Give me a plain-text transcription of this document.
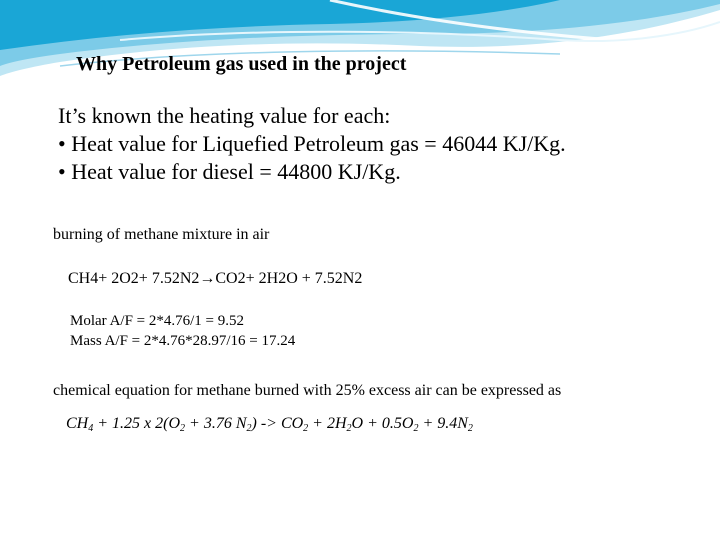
Why Petroleum gas used in the project
It’s known the heating value for each:
• Heat value for Liquefied Petroleum gas = 46044 KJ/Kg.
• Heat value for diesel = 44800 KJ/Kg.
burning of methane mixture in air
CH4+ 2O2+ 7.52N2→CO2+ 2H2O + 7.52N2
Molar A/F = 2*4.76/1 = 9.52
Mass A/F = 2*4.76*28.97/16 = 17.24
chemical equation for methane burned with 25% excess air can be expressed as
$CH_4 + 1.25$ x $2(O_2 + 3.76$ $N_2) -> CO_2 + 2H_2O + 0.5O_2 + 9.4N_2$
